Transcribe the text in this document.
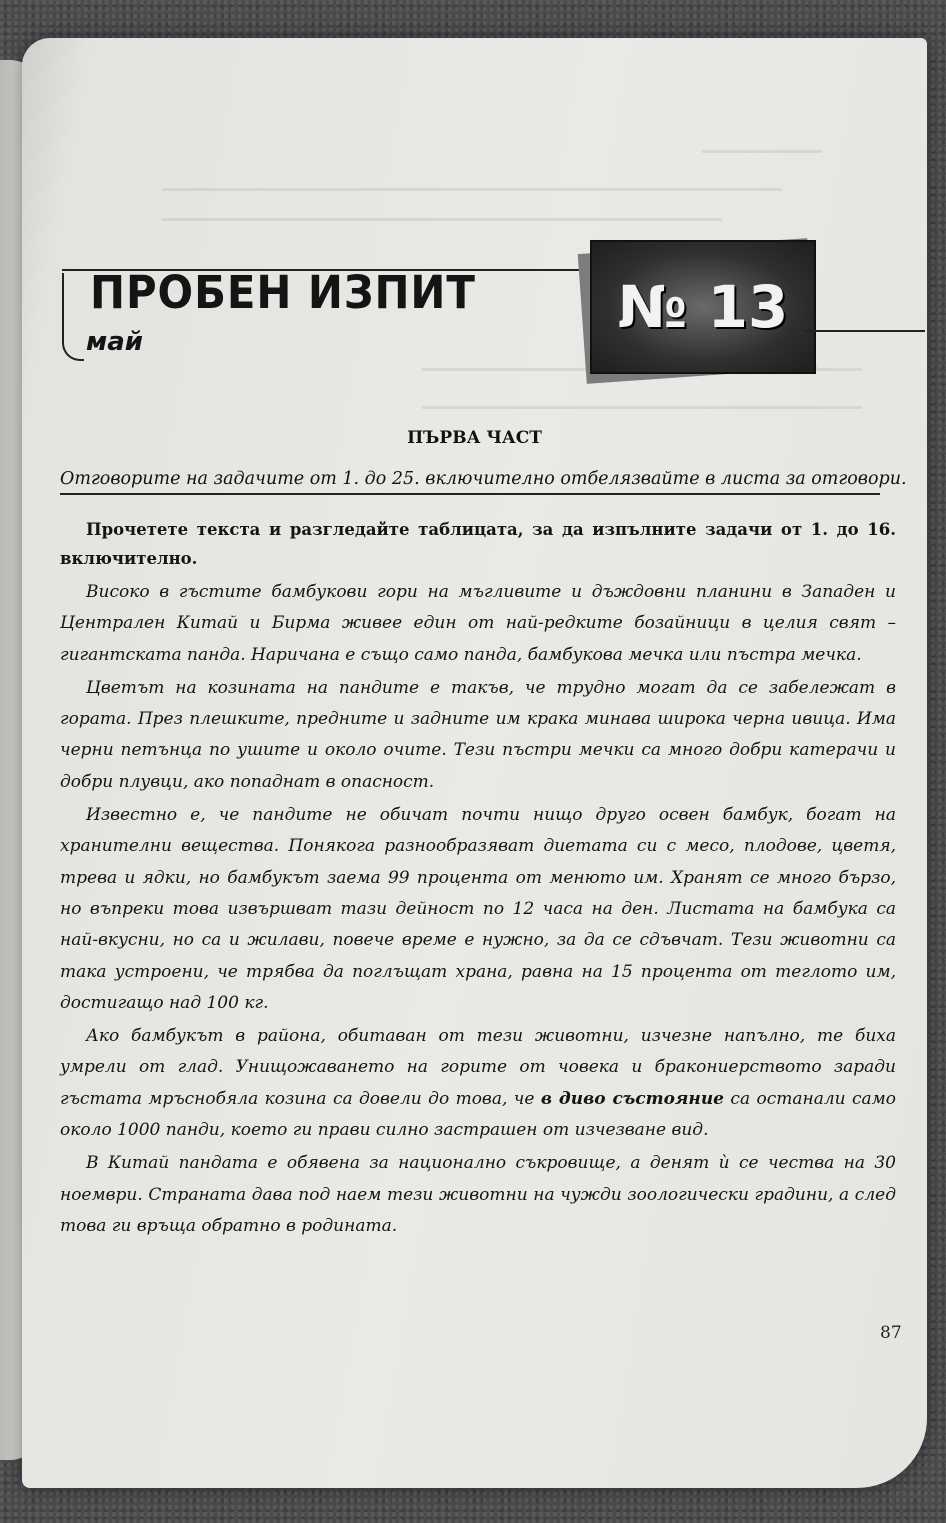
ПРОБЕН ИЗПИТ
май
№ 13
ПЪРВА ЧАСТ
Отговорите на задачите от 1. до 25. включително отбелязвайте в листа за отговори.

Прочетете текста и разгледайте таблицата, за да изпълните задачи от 1. до 16. включително.

Високо в гъстите бамбукови гори на мъгливите и дъждовни планини в Западен и Централен Китай и Бирма живее един от най-редките бозайници в целия свят – гигантската панда. Наричана е също само панда, бамбукова мечка или пъстра мечка.

Цветът на козината на пандите е такъв, че трудно могат да се забележат в гората. През плешките, предните и задните им крака минава широка черна ивица. Има черни петънца по ушите и около очите. Тези пъстри мечки са много добри катерачи и добри плувци, ако попаднат в опасност.

Известно е, че пандите не обичат почти нищо друго освен бамбук, богат на хранителни вещества. Понякога разнообразяват диетата си с месо, плодове, цветя, трева и ядки, но бамбукът заема 99 процента от менюто им. Хранят се много бързо, но въпреки това извършват тази дейност по 12 часа на ден. Листата на бамбука са най-вкусни, но са и жилави, повече време е нужно, за да се сдъвчат. Тези животни са така устроени, че трябва да поглъщат храна, равна на 15 процента от теглото им, достигащо над 100 кг.

Ако бамбукът в района, обитаван от тези животни, изчезне напълно, те биха умрели от глад. Унищожаването на горите от човека и бракониерството заради гъстата мръснобяла козина са довели до това, че в диво състояние са останали само около 1000 панди, което ги прави силно застрашен от изчезване вид.

В Китай пандата е обявена за национално съкровище, а денят ѝ се чества на 30 ноември. Страната дава под наем тези животни на чужди зоологически градини, а след това ги връща обратно в родината.

87
